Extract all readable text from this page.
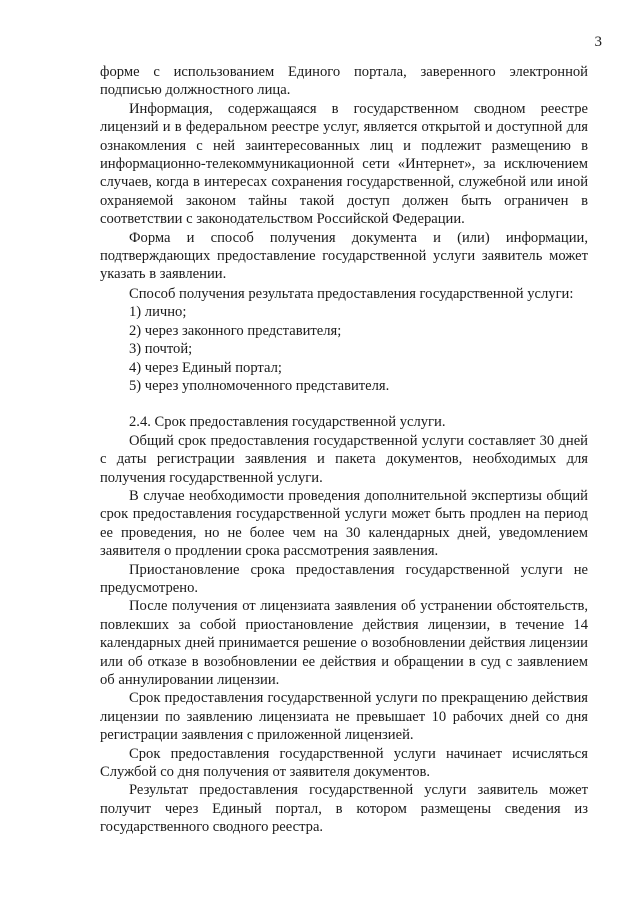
3

форме с использованием Единого портала, заверенного электронной подписью должностного лица.

Информация, содержащаяся в государственном сводном реестре лицензий и в федеральном реестре услуг, является открытой и доступной для ознакомления с ней заинтересованных лиц и подлежит размещению в информационно-телекоммуникационной сети «Интернет», за исключением случаев, когда в интересах сохранения государственной, служебной или иной охраняемой законом тайны такой доступ должен быть ограничен в соответствии с законодательством Российской Федерации.

Форма и способ получения документа и (или) информации, подтверждающих предоставление государственной услуги заявитель может указать в заявлении.

Способ получения результата предоставления государственной услуги:

1) лично;
2) через законного представителя;
3) почтой;
4) через Единый портал;
5) через уполномоченного представителя.

2.4. Срок предоставления государственной услуги.

Общий срок предоставления государственной услуги составляет 30 дней с даты регистрации заявления и пакета документов, необходимых для получения государственной услуги.

В случае необходимости проведения дополнительной экспертизы общий срок предоставления государственной услуги может быть продлен на период ее проведения, но не более чем на 30 календарных дней, уведомлением заявителя о продлении срока рассмотрения заявления.

Приостановление срока предоставления государственной услуги не предусмотрено.

После получения от лицензиата заявления об устранении обстоятельств, повлекших за собой приостановление действия лицензии, в течение 14 календарных дней принимается решение о возобновлении действия лицензии или об отказе в возобновлении ее действия и обращении в суд с заявлением об аннулировании лицензии.

Срок предоставления государственной услуги по прекращению действия лицензии по заявлению лицензиата не превышает 10 рабочих дней со дня регистрации заявления с приложенной лицензией.

Срок предоставления государственной услуги начинает исчисляться Службой со дня получения от заявителя документов.

Результат предоставления государственной услуги заявитель может получит через Единый портал, в котором размещены сведения из государственного сводного реестра.
